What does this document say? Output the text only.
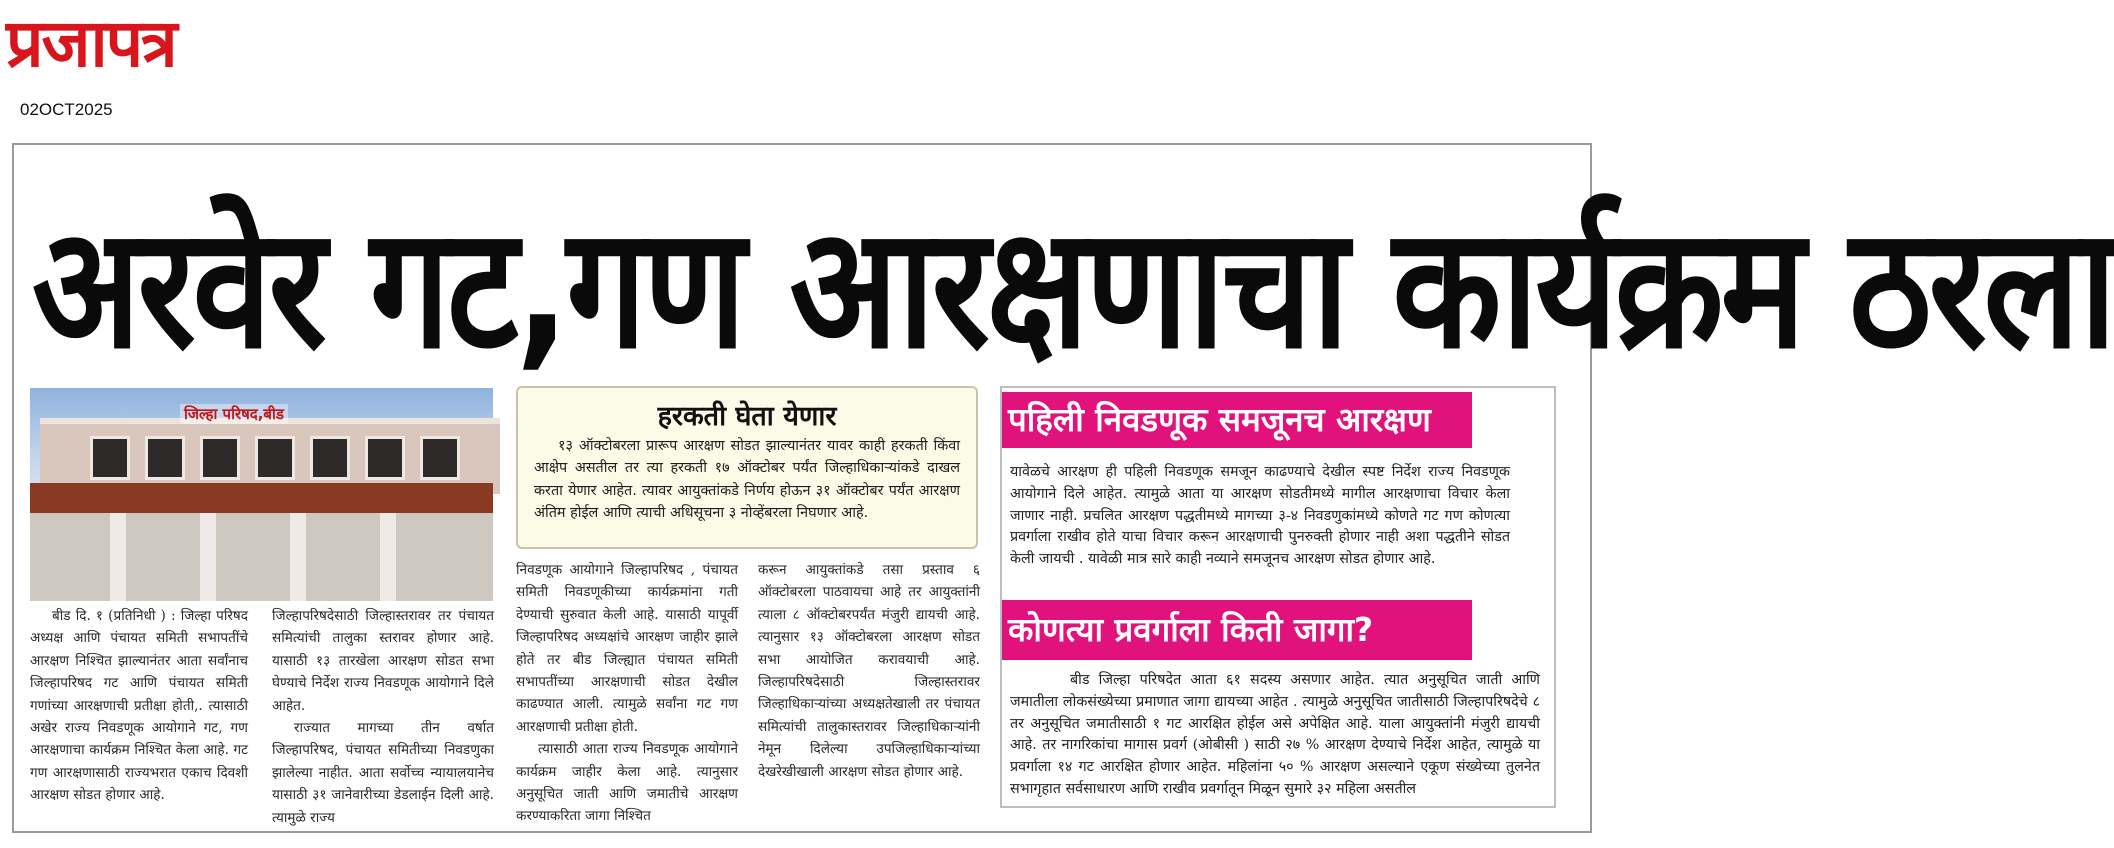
प्रजापत्र
02OCT2025
अरवेर गट,गण आरक्षणाचा कार्यक्रम ठरला
जिल्हा परिषद,बीड

बीड दि. १ (प्रतिनिधी ) : जिल्हा परिषद अध्यक्ष आणि पंचायत समिती सभापतींचे आरक्षण निश्चित झाल्यानंतर आता सर्वांनाच जिल्हापरिषद गट आणि पंचायत समिती गणांच्या आरक्षणाची प्रतीक्षा होती,. त्यासाठी अखेर राज्य निवडणूक आयोगाने गट, गण आरक्षणाचा कार्यक्रम निश्चित केला आहे. गट गण आरक्षणासाठी राज्यभरात एकाच दिवशी आरक्षण सोडत होणार आहे.

जिल्हापरिषदेसाठी जिल्हास्तरावर तर पंचायत समित्यांची तालुका स्तरावर होणार आहे. यासाठी १३ तारखेला आरक्षण सोडत सभा घेण्याचे निर्देश राज्य निवडणूक आयोगाने दिले आहेत.

राज्यात मागच्या तीन वर्षात जिल्हापरिषद, पंचायत समितीच्या निवडणुका झालेल्या नाहीत. आता सर्वोच्च न्यायालयानेच यासाठी ३१ जानेवारीच्या डेडलाईन दिली आहे. त्यामुळे राज्य

हरकती घेता येणार
१३ ऑक्टोबरला प्रारूप आरक्षण सोडत झाल्यानंतर यावर काही हरकती किंवा आक्षेप असतील तर त्या हरकती १७ ऑक्टोबर पर्यंत जिल्हाधिकाऱ्यांकडे दाखल करता येणार आहेत. त्यावर आयुक्तांकडे निर्णय होऊन ३१ ऑक्टोबर पर्यंत आरक्षण अंतिम होईल आणि त्याची अधिसूचना ३ नोव्हेंबरला निघणार आहे.

निवडणूक आयोगाने जिल्हापरिषद , पंचायत समिती निवडणूकीच्या कार्यक्रमांना गती देण्याची सुरुवात केली आहे. यासाठी यापूर्वी जिल्हापरिषद अध्यक्षांचे आरक्षण जाहीर झाले होते तर बीड जिल्ह्यात पंचायत समिती सभापतींच्या आरक्षणाची सोडत देखील काढण्यात आली. त्यामुळे सर्वांना गट गण आरक्षणाची प्रतीक्षा होती.

त्यासाठी आता राज्य निवडणूक आयोगाने कार्यक्रम जाहीर केला आहे. त्यानुसार अनुसूचित जाती आणि जमातीचे आरक्षण करण्याकरिता जागा निश्चित

करून आयुक्तांकडे तसा प्रस्ताव ६ ऑक्टोबरला पाठवायचा आहे तर आयुक्तांनी त्याला ८ ऑक्टोबरपर्यंत मंजुरी द्यायची आहे. त्यानुसार १३ ऑक्टोबरला आरक्षण सोडत सभा आयोजित करावयाची आहे. जिल्हापरिषदेसाठी जिल्हास्तरावर जिल्हाधिकाऱ्यांच्या अध्यक्षतेखाली तर पंचायत समित्यांची तालुकास्तरावर जिल्हाधिकाऱ्यांनी नेमून दिलेल्या उपजिल्हाधिकाऱ्यांच्या देखरेखीखाली आरक्षण सोडत होणार आहे.

पहिली निवडणूक समजूनच आरक्षण
यावेळचे आरक्षण ही पहिली निवडणूक समजून काढण्याचे देखील स्पष्ट निर्देश राज्य निवडणूक आयोगाने दिले आहेत. त्यामुळे आता या आरक्षण सोडतीमध्ये मागील आरक्षणाचा विचार केला जाणार नाही. प्रचलित आरक्षण पद्धतीमध्ये मागच्या ३-४ निवडणुकांमध्ये कोणते गट गण कोणत्या प्रवर्गाला राखीव होते याचा विचार करून आरक्षणाची पुनरुक्ती होणार नाही अशा पद्धतीने सोडत केली जायची . यावेळी मात्र सारे काही नव्याने समजूनच आरक्षण सोडत होणार आहे.
कोणत्या प्रवर्गाला किती जागा?
बीड जिल्हा परिषदेत आता ६१ सदस्य असणार आहेत. त्यात अनुसूचित जाती आणि जमातीला लोकसंख्येच्या प्रमाणात जागा द्यायच्या आहेत . त्यामुळे अनुसूचित जातीसाठी जिल्हापरिषदेचे ८ तर अनुसूचित जमातीसाठी १ गट आरक्षित होईल असे अपेक्षित आहे. याला आयुक्तांनी मंजुरी द्यायची आहे. तर नागरिकांचा मागास प्रवर्ग (ओबीसी ) साठी २७ % आरक्षण देण्याचे निर्देश आहेत, त्यामुळे या प्रवर्गाला १४ गट आरक्षित होणार आहेत. महिलांना ५० % आरक्षण असल्याने एकूण संख्येच्या तुलनेत सभागृहात सर्वसाधारण आणि राखीव प्रवर्गातून मिळून सुमारे ३२ महिला असतील
